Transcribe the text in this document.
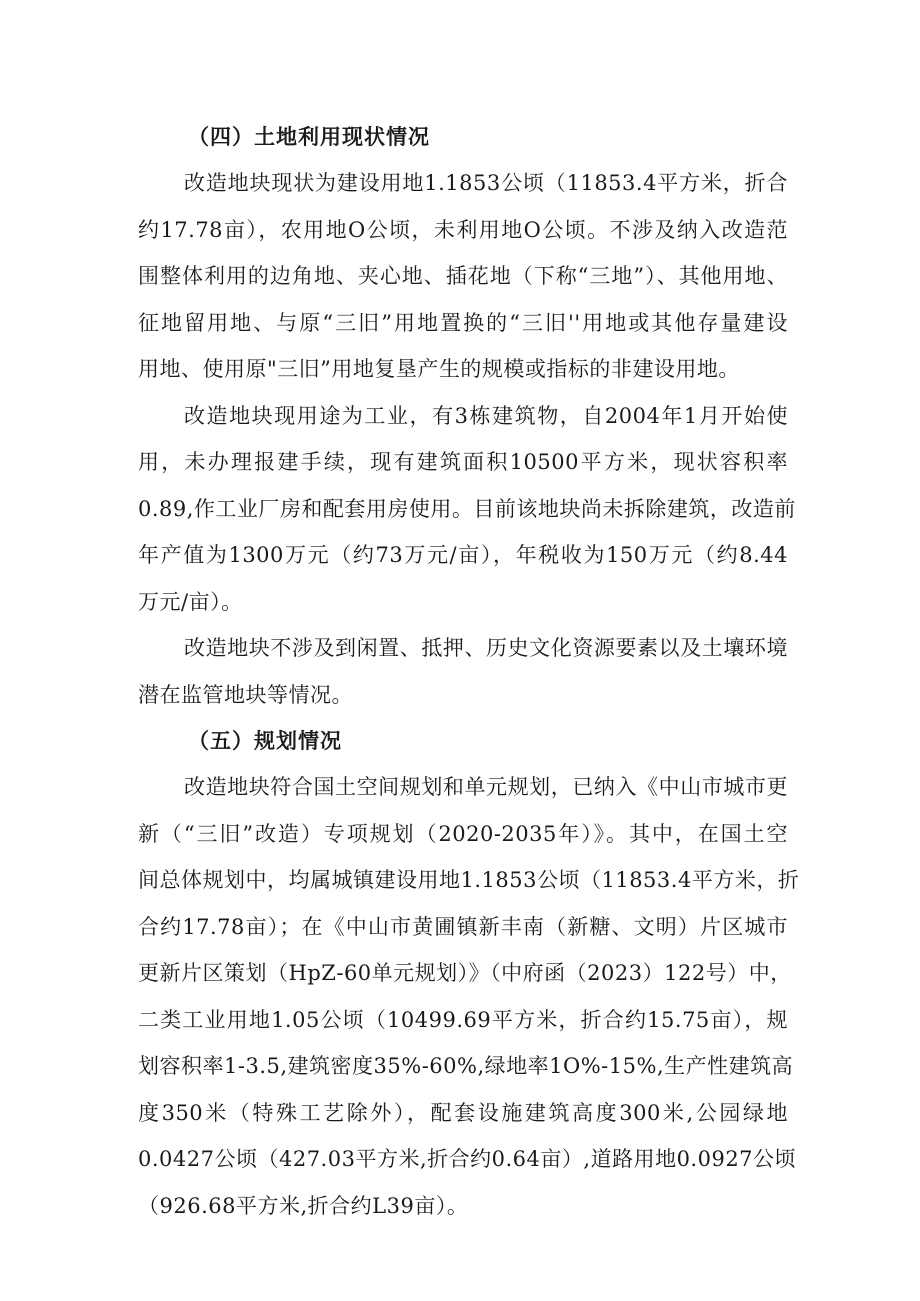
（四）土地利用现状情况

改造地块现状为建设用地1.1853公顷（11853.4平方米，折合
约17.78亩），农用地O公顷，未利用地O公顷。不涉及纳入改造范
围整体利用的边角地、夹心地、插花地（下称“三地”）、其他用地、
征地留用地、与原“三旧”用地置换的“三旧''用地或其他存量建设
用地、使用原"三旧”用地复垦产生的规模或指标的非建设用地。

改造地块现用途为工业，有3栋建筑物，自2004年1月开始使
用，未办理报建手续，现有建筑面积10500平方米，现状容积率
0.89,作工业厂房和配套用房使用。目前该地块尚未拆除建筑，改造前
年产值为1300万元（约73万元/亩），年税收为150万元（约8.44
万元/亩）。

改造地块不涉及到闲置、抵押、历史文化资源要素以及土壤环境
潜在监管地块等情况。

（五）规划情况

改造地块符合国土空间规划和单元规划，已纳入《中山市城市更
新（“三旧”改造）专项规划（2020-2035年）》。其中，在国土空
间总体规划中，均属城镇建设用地1.1853公顷（11853.4平方米，折
合约17.78亩）；在《中山市黄圃镇新丰南（新糖、文明）片区城市
更新片区策划（HpZ-60单元规划）》（中府函（2023）122号）中，
二类工业用地1.05公顷（10499.69平方米，折合约15.75亩），规
划容积率1-3.5,建筑密度35%-60%,绿地率1O%-15%,生产性建筑高
度350米（特殊工艺除外），配套设施建筑高度300米,公园绿地
0.0427公顷（427.03平方米,折合约0.64亩）,道路用地0.0927公顷
（926.68平方米,折合约L39亩）。
